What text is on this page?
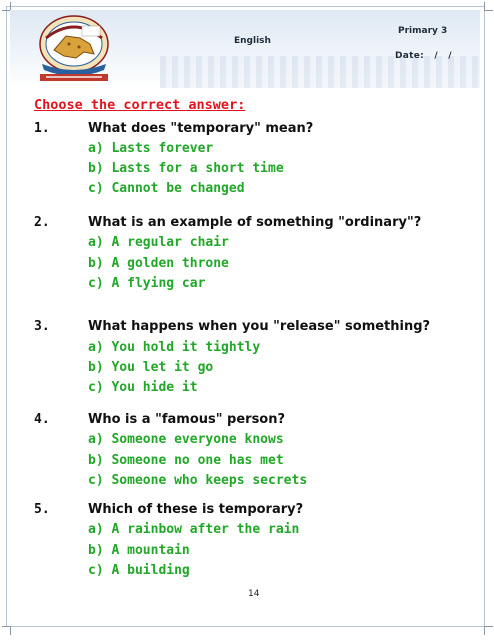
English
Primary 3
Date: / /
Choose the correct answer:
1.	What does "temporary" mean?
a) Lasts forever
b) Lasts for a short time
c) Cannot be changed
2.	What is an example of something "ordinary"?
a) A regular chair
b) A golden throne
c) A flying car
3.	What happens when you "release" something?
a) You hold it tightly
b) You let it go
c) You hide it
4.	Who is a "famous" person?
a) Someone everyone knows
b) Someone no one has met
c) Someone who keeps secrets
5.	Which of these is temporary?
a) A rainbow after the rain
b) A mountain
c) A building
14
